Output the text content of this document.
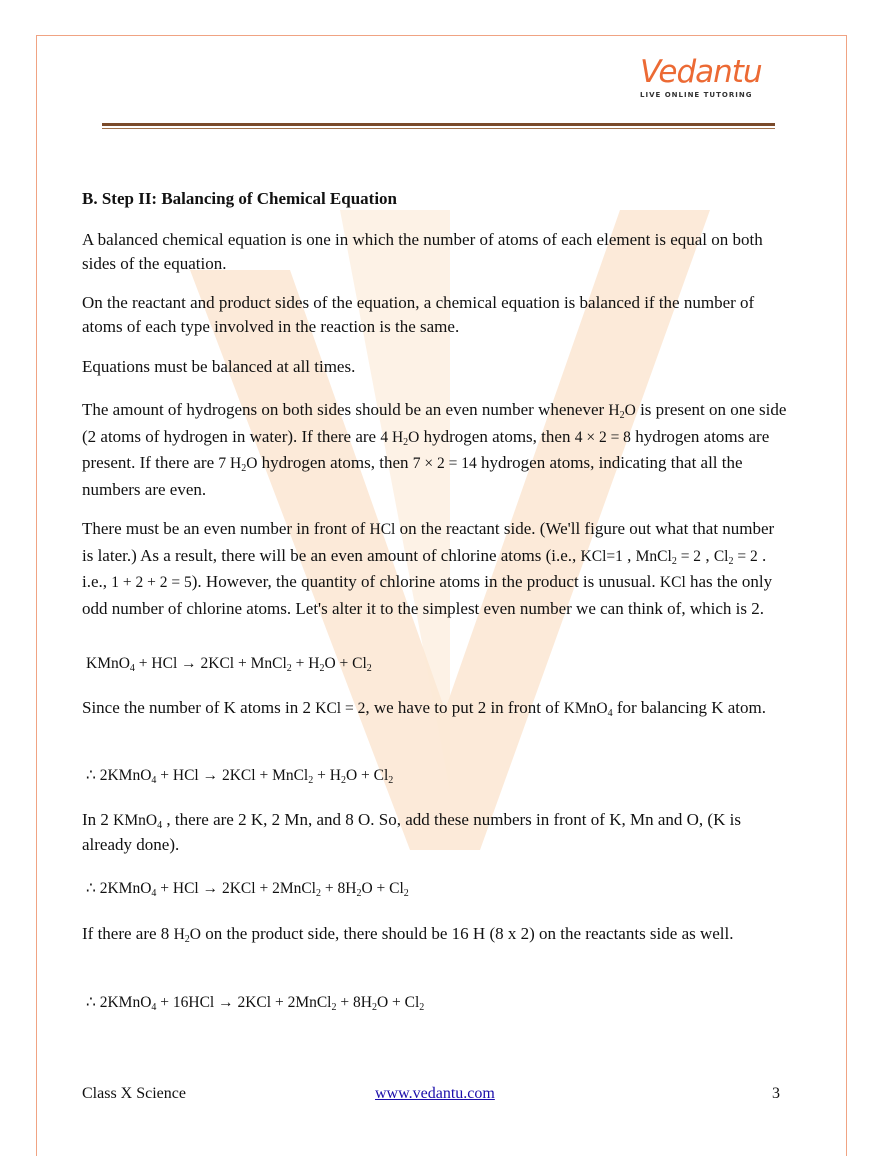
Vedantu
LIVE ONLINE TUTORING
B. Step II: Balancing of Chemical Equation
A balanced chemical equation is one in which the number of atoms of each element is equal on both sides of the equation.
On the reactant and product sides of the equation, a chemical equation is balanced if the number of atoms of each type involved in the reaction is the same.
Equations must be balanced at all times.
The amount of hydrogens on both sides should be an even number whenever $H_2O$ is present on one side (2 atoms of hydrogen in water). If there are 4 $H_2O$ hydrogen atoms, then 4 × 2 = 8 hydrogen atoms are present. If there are 7 $H_2O$ hydrogen atoms, then 7 × 2 = 14 hydrogen atoms, indicating that all the numbers are even.
There must be an even number in front of HCl on the reactant side. (We'll figure out what that number is later.) As a result, there will be an even amount of chlorine atoms (i.e., KCl=1 , MnCl$_2$ = 2 , $Cl_2 = 2$ . i.e., 1 + 2 + 2 = 5). However, the quantity of chlorine atoms in the product is unusual. KCl has the only odd number of chlorine atoms. Let's alter it to the simplest even number we can think of, which is 2.
KMnO$_4$ + HCl → 2KCl + MnCl$_2$ + $H_2O + Cl_2$
Since the number of K atoms in 2 KCl = 2, we have to put 2 in front of KMnO$_4$ for balancing K atom.
∴ 2KMnO$_4$ + HCl → 2KCl + MnCl$_2$ + $H_2O + Cl_2$
In 2 KMnO$_4$ , there are 2 K, 2 Mn, and 8 O. So, add these numbers in front of K, Mn and O, (K is already done).
∴ 2KMnO$_4$ + HCl → 2KCl + 2MnCl$_2$ + $8H_2O + Cl_2$
If there are 8 $H_2O$ on the product side, there should be 16 H (8 x 2) on the reactants side as well.
∴ 2KMnO$_4$ + 16HCl → 2KCl + 2MnCl$_2$ + $8H_2O + Cl_2$
Class X Science	www.vedantu.com	3
